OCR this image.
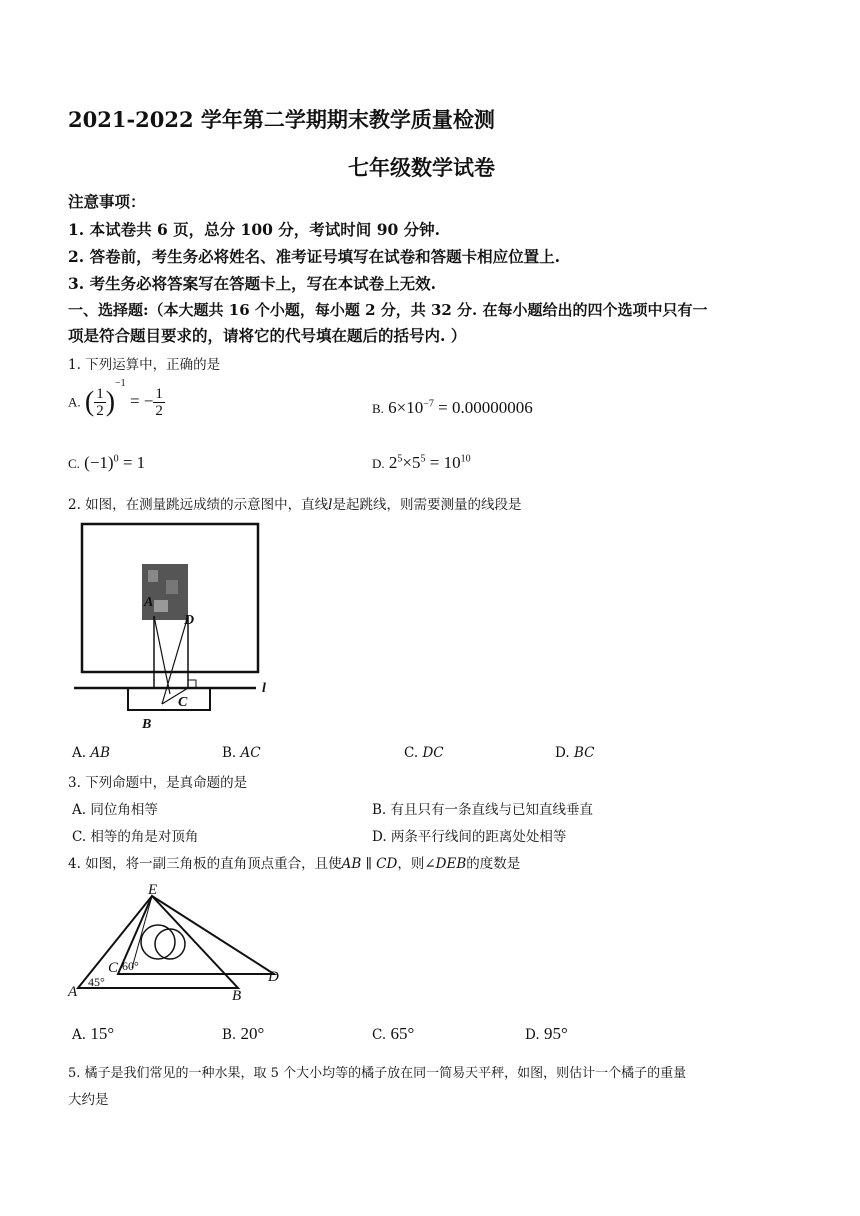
2021-2022 学年第二学期期末教学质量检测
七年级数学试卷
注意事项：
1. 本试卷共 6 页，总分 100 分，考试时间 90 分钟.
2. 答卷前，考生务必将姓名、准考证号填写在试卷和答题卡相应位置上.
3. 考生务必将答案写在答题卡上，写在本试卷上无效.
一、选择题:（本大题共 16 个小题，每小题 2 分，共 32 分. 在每小题给出的四个选项中只有一
项是符合题目要求的，请将它的代号填在题后的括号内. ）
1. 下列运算中，正确的是
A. ( $\frac{1}{2} )^{-1}$ = − $\frac{1}{2}$	B. $6\times 10^{-7} = 0.00000006$
C. $(-1)^0 = 1$	D. $2^5\times 5^5 = 10^{10}$
2. 如图，在测量跳远成绩的示意图中，直线l是起跳线，则需要测量的线段是
A
D
C
B
l
A. AB	B. AC	C. DC	D. BC
3. 下列命题中，是真命题的是
A. 同位角相等	B. 有且只有一条直线与已知直线垂直
C. 相等的角是对顶角	D. 两条平行线间的距离处处相等
4. 如图，将一副三角板的直角顶点重合，且使AB ∥ CD，则∠DEB的度数是
E
C 60°
A
45°
B
D
A. 15°	B. 20°	C. 65°	D. 95°
5. 橘子是我们常见的一种水果，取 5 个大小均等的橘子放在同一简易天平秤，如图，则估计一个橘子的重量
大约是
